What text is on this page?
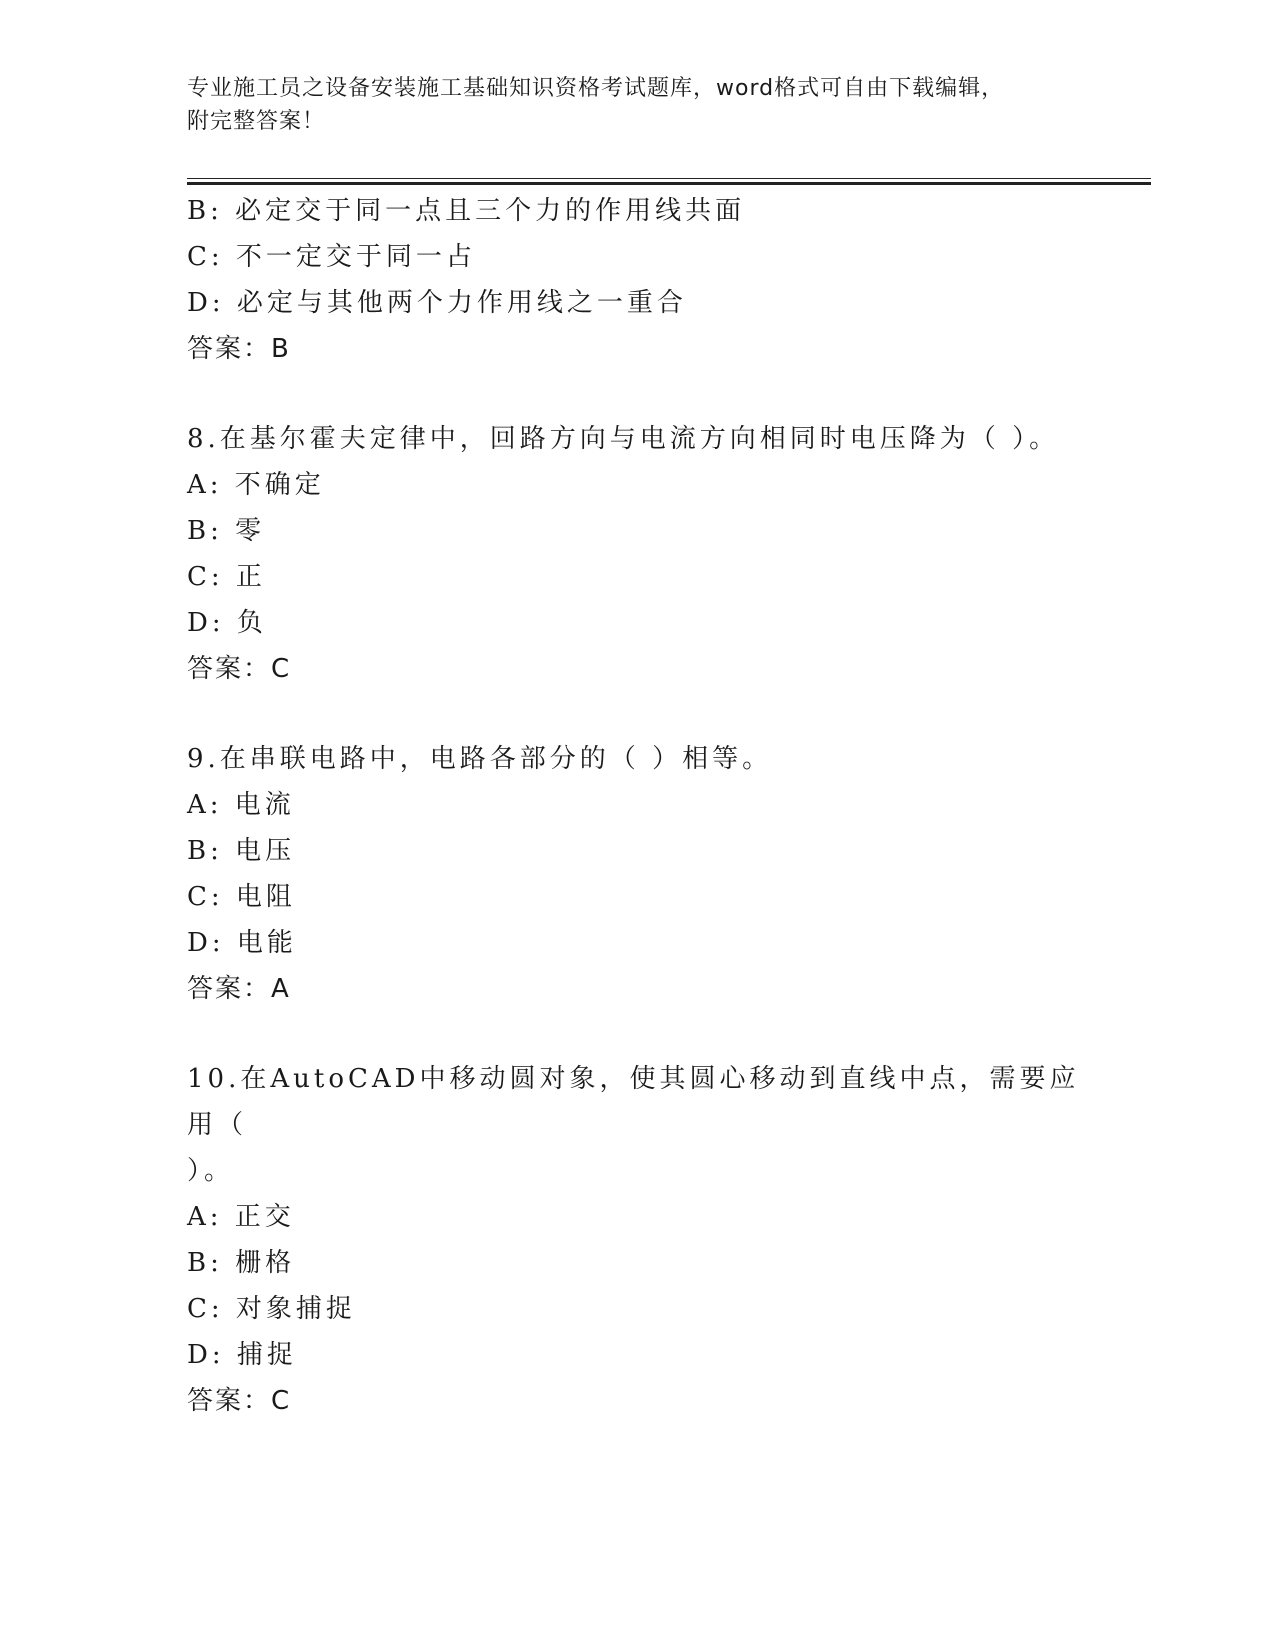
专业施工员之设备安装施工基础知识资格考试题库，word格式可自由下载编辑，
附完整答案！
B: 必定交于同一点且三个力的作用线共面
C: 不一定交于同一占
D: 必定与其他两个力作用线之一重合
答案：B
8.在基尔霍夫定律中，回路方向与电流方向相同时电压降为（ ）。
A: 不确定
B: 零
C: 正
D: 负
答案：C
9.在串联电路中，电路各部分的（ ）相等。
A: 电流
B: 电压
C: 电阻
D: 电能
答案：A
10.在AutoCAD中移动圆对象，使其圆心移动到直线中点，需要应用（
）。
A: 正交
B: 栅格
C: 对象捕捉
D: 捕捉
答案：C
